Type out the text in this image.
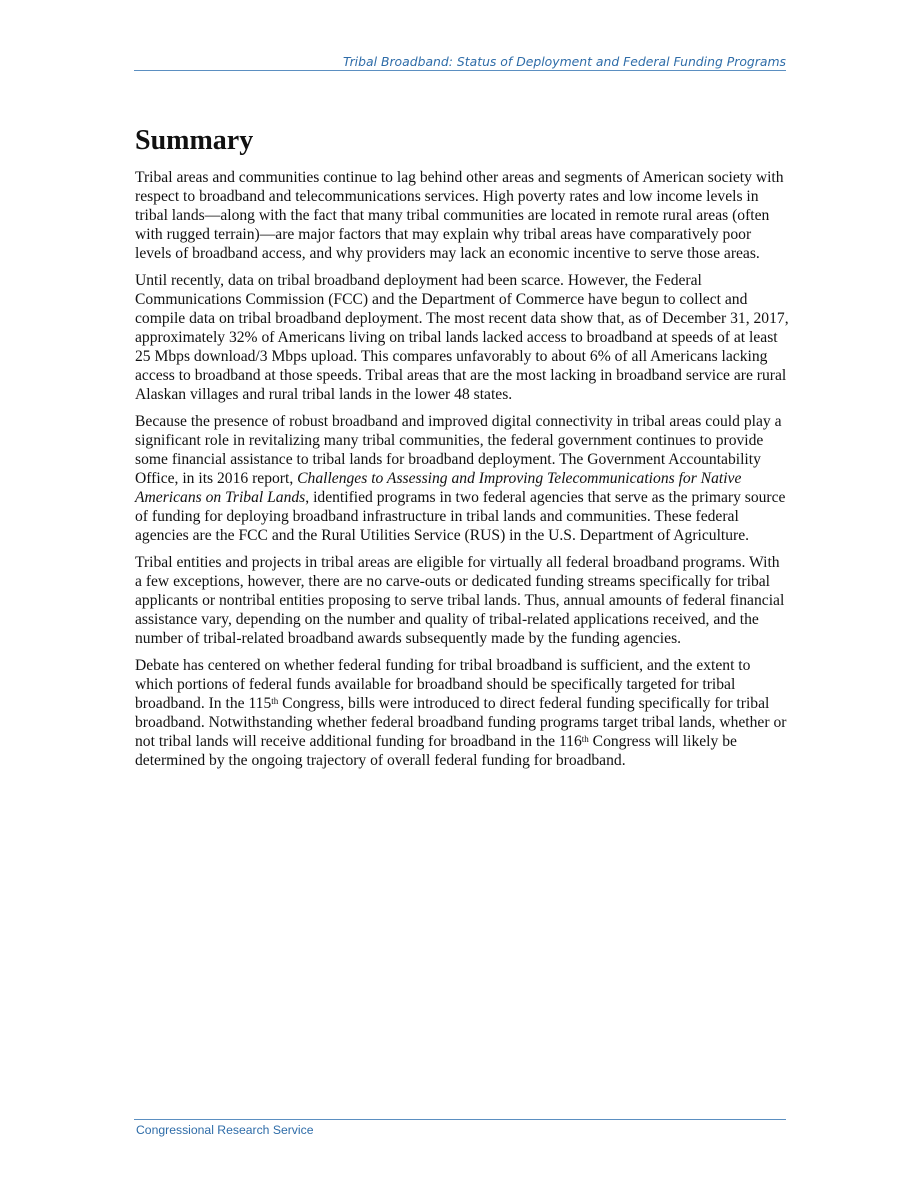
Tribal Broadband: Status of Deployment and Federal Funding Programs
Summary

Tribal areas and communities continue to lag behind other areas and segments of American society with respect to broadband and telecommunications services. High poverty rates and low income levels in tribal lands—along with the fact that many tribal communities are located in remote rural areas (often with rugged terrain)—are major factors that may explain why tribal areas have comparatively poor levels of broadband access, and why providers may lack an economic incentive to serve those areas.

Until recently, data on tribal broadband deployment had been scarce. However, the Federal Communications Commission (FCC) and the Department of Commerce have begun to collect and compile data on tribal broadband deployment. The most recent data show that, as of December 31, 2017, approximately 32% of Americans living on tribal lands lacked access to broadband at speeds of at least 25 Mbps download/3 Mbps upload. This compares unfavorably to about 6% of all Americans lacking access to broadband at those speeds. Tribal areas that are the most lacking in broadband service are rural Alaskan villages and rural tribal lands in the lower 48 states.

Because the presence of robust broadband and improved digital connectivity in tribal areas could play a significant role in revitalizing many tribal communities, the federal government continues to provide some financial assistance to tribal lands for broadband deployment. The Government Accountability Office, in its 2016 report, Challenges to Assessing and Improving Telecommunications for Native Americans on Tribal Lands, identified programs in two federal agencies that serve as the primary source of funding for deploying broadband infrastructure in tribal lands and communities. These federal agencies are the FCC and the Rural Utilities Service (RUS) in the U.S. Department of Agriculture.

Tribal entities and projects in tribal areas are eligible for virtually all federal broadband programs. With a few exceptions, however, there are no carve-outs or dedicated funding streams specifically for tribal applicants or nontribal entities proposing to serve tribal lands. Thus, annual amounts of federal financial assistance vary, depending on the number and quality of tribal-related applications received, and the number of tribal-related broadband awards subsequently made by the funding agencies.

Debate has centered on whether federal funding for tribal broadband is sufficient, and the extent to which portions of federal funds available for broadband should be specifically targeted for tribal broadband. In the 115th Congress, bills were introduced to direct federal funding specifically for tribal broadband. Notwithstanding whether federal broadband funding programs target tribal lands, whether or not tribal lands will receive additional funding for broadband in the 116th Congress will likely be determined by the ongoing trajectory of overall federal funding for broadband.

Congressional Research Service
